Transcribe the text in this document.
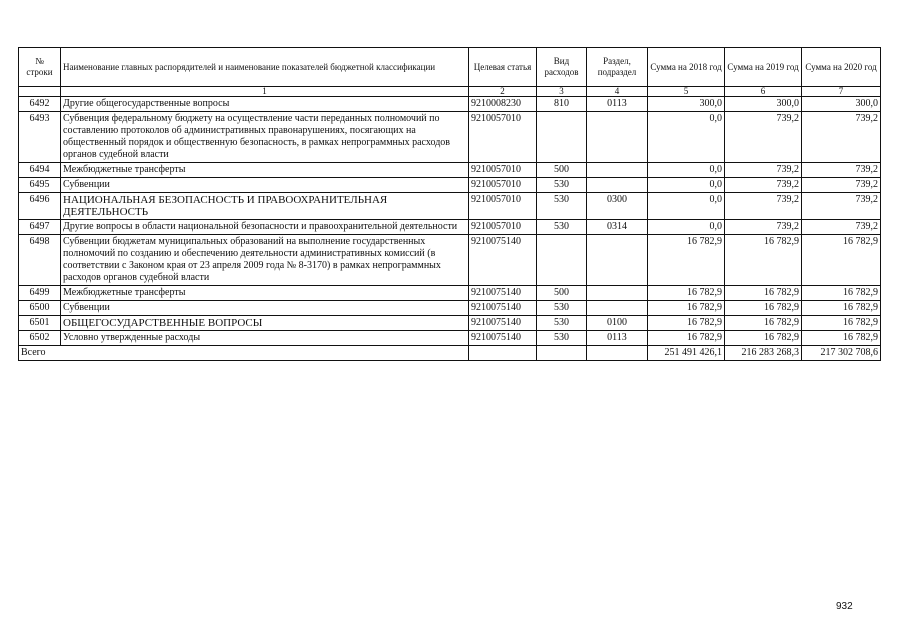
№ строки	Наименование главных распорядителей и наименование показателей бюджетной классификации	Целевая статья	Вид расходов	Раздел, подраздел	Сумма на 2018 год	Сумма на 2019 год	Сумма на 2020 год
	1	2	3	4	5	6	7
6492	Другие общегосударственные вопросы	9210008230	810	0113	300,0	300,0	300,0
6493	Субвенция федеральному бюджету на осуществление части переданных полномочий по составлению протоколов об административных правонарушениях, посягающих на общественный порядок и общественную безопасность, в рамках непрограммных расходов органов судебной власти	9210057010			0,0	739,2	739,2
6494	Межбюджетные трансферты	9210057010	500		0,0	739,2	739,2
6495	Субвенции	9210057010	530		0,0	739,2	739,2
6496	НАЦИОНАЛЬНАЯ БЕЗОПАСНОСТЬ И ПРАВООХРАНИТЕЛЬНАЯ ДЕЯТЕЛЬНОСТЬ	9210057010	530	0300	0,0	739,2	739,2
6497	Другие вопросы в области национальной безопасности и правоохранительной деятельности	9210057010	530	0314	0,0	739,2	739,2
6498	Субвенции бюджетам муниципальных образований на выполнение государственных полномочий по созданию и обеспечению деятельности административных комиссий (в соответствии с Законом края от 23 апреля 2009 года № 8-3170) в рамках непрограммных расходов органов судебной власти	9210075140			16 782,9	16 782,9	16 782,9
6499	Межбюджетные трансферты	9210075140	500		16 782,9	16 782,9	16 782,9
6500	Субвенции	9210075140	530		16 782,9	16 782,9	16 782,9
6501	ОБЩЕГОСУДАРСТВЕННЫЕ ВОПРОСЫ	9210075140	530	0100	16 782,9	16 782,9	16 782,9
6502	Условно утвержденные расходы	9210075140	530	0113	16 782,9	16 782,9	16 782,9
Всего					251 491 426,1	216 283 268,3	217 302 708,6
932
